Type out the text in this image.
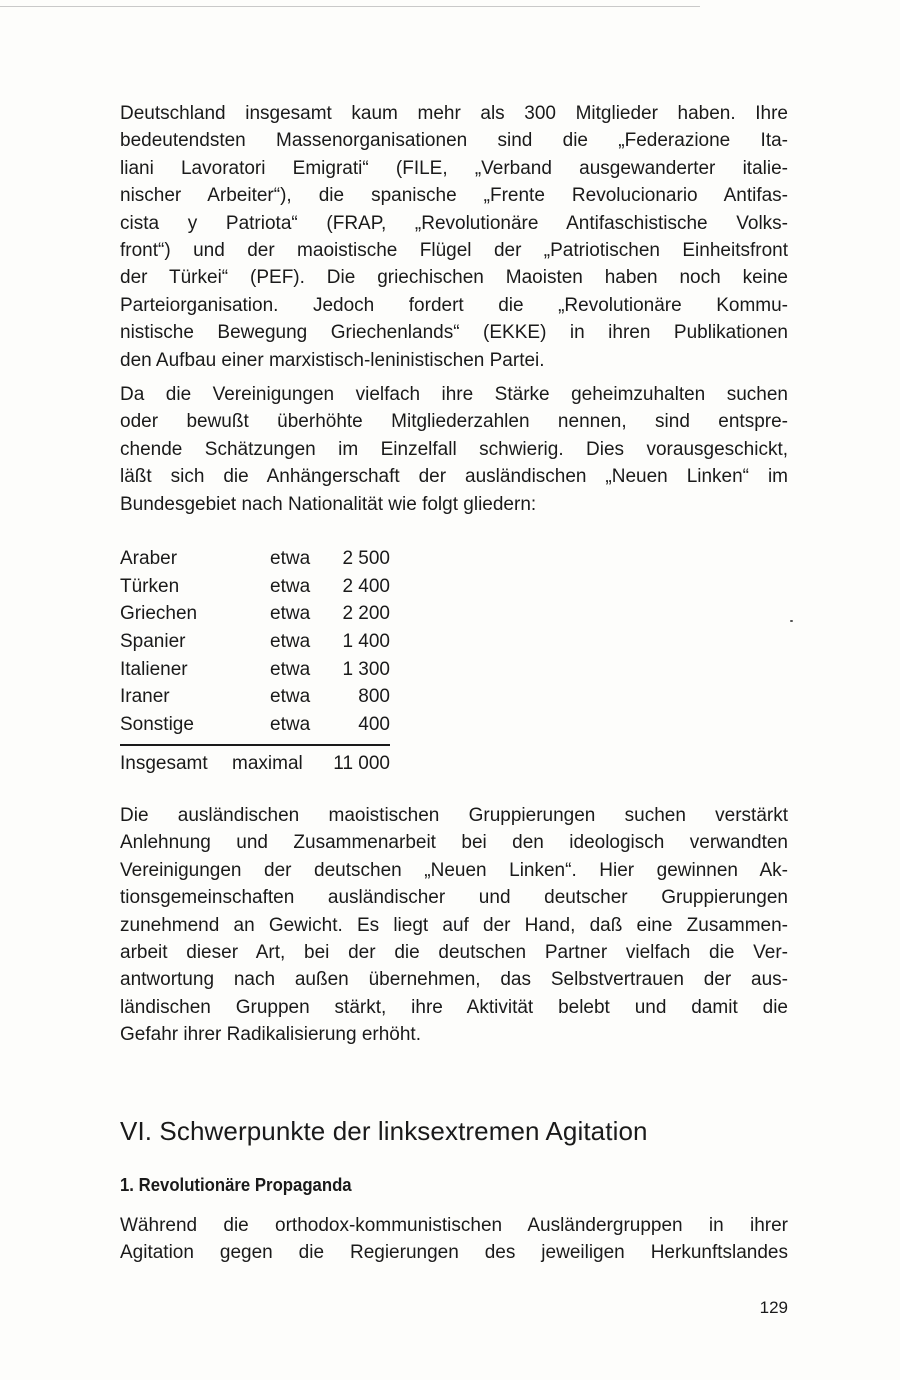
Deutschland insgesamt kaum mehr als 300 Mitglieder haben. Ihre
bedeutendsten Massenorganisationen sind die „Federazione Ita-
liani Lavoratori Emigrati“ (FILE, „Verband ausgewanderter italie-
nischer Arbeiter“), die spanische „Frente Revolucionario Antifas-
cista y Patriota“ (FRAP, „Revolutionäre Antifaschistische Volks-
front“) und der maoistische Flügel der „Patriotischen Einheitsfront
der Türkei“ (PEF). Die griechischen Maoisten haben noch keine
Parteiorganisation. Jedoch fordert die „Revolutionäre Kommu-
nistische Bewegung Griechenlands“ (EKKE) in ihren Publikationen
den Aufbau einer marxistisch-leninistischen Partei.
Da die Vereinigungen vielfach ihre Stärke geheimzuhalten suchen
oder bewußt überhöhte Mitgliederzahlen nennen, sind entspre-
chende Schätzungen im Einzelfall schwierig. Dies vorausgeschickt,
läßt sich die Anhängerschaft der ausländischen „Neuen Linken“ im
Bundesgebiet nach Nationalität wie folgt gliedern:
Araber	etwa 2 500
Türken	etwa 2 400
Griechen	etwa 2 200
Spanier	etwa 1 400
Italiener	etwa 1 300
Iraner	etwa	800
Sonstige	etwa	400
Insgesamt maximal 11 000
Die ausländischen maoistischen Gruppierungen suchen verstärkt
Anlehnung und Zusammenarbeit bei den ideologisch verwandten
Vereinigungen der deutschen „Neuen Linken“. Hier gewinnen Ak-
tionsgemeinschaften ausländischer und deutscher Gruppierungen
zunehmend an Gewicht. Es liegt auf der Hand, daß eine Zusammen-
arbeit dieser Art, bei der die deutschen Partner vielfach die Ver-
antwortung nach außen übernehmen, das Selbstvertrauen der aus-
ländischen Gruppen stärkt, ihre Aktivität belebt und damit die
Gefahr ihrer Radikalisierung erhöht.
VI. Schwerpunkte der linksextremen Agitation
1. Revolutionäre Propaganda
Während die orthodox-kommunistischen Ausländergruppen in ihrer
Agitation gegen die Regierungen des jeweiligen Herkunftslandes
129
